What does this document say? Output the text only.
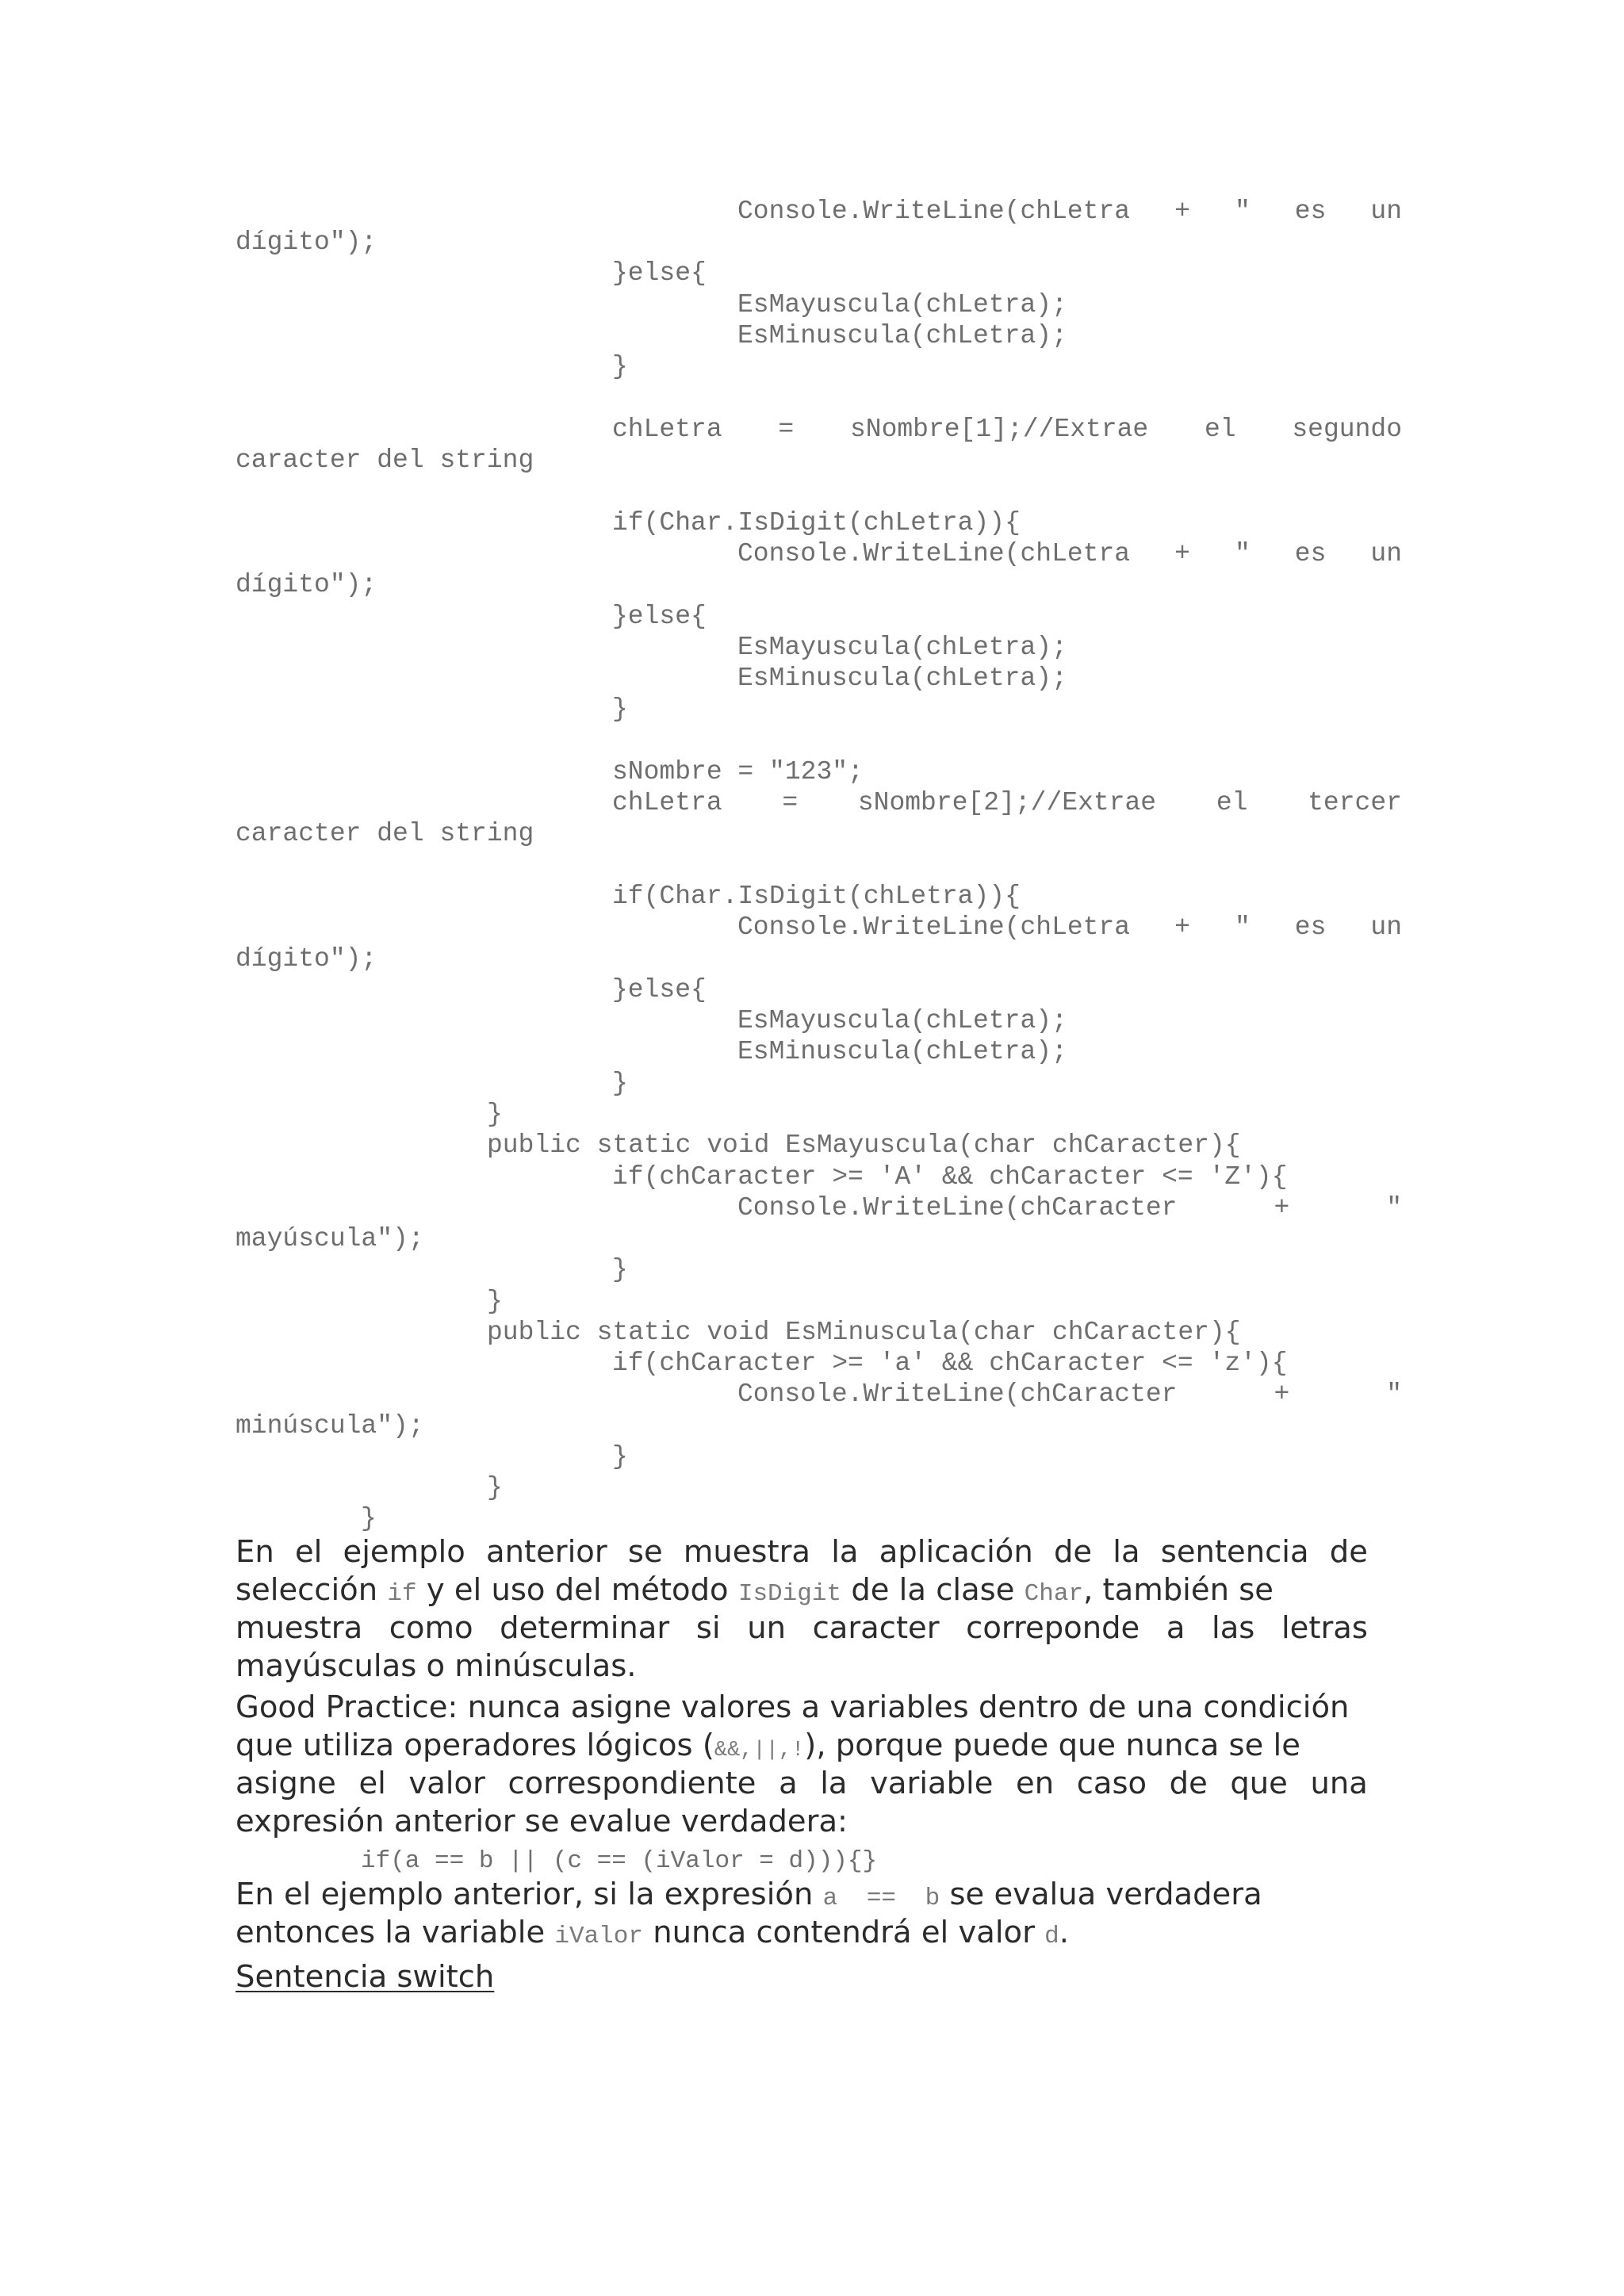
Console.WriteLine(chLetra + " es un
dígito");
}else{
EsMayuscula(chLetra);
EsMinuscula(chLetra);
}
chLetra = sNombre[1];//Extrae el segundo
caracter del string
if(Char.IsDigit(chLetra)){
Console.WriteLine(chLetra + " es un
dígito");
}else{
EsMayuscula(chLetra);
EsMinuscula(chLetra);
}
sNombre = "123";
chLetra = sNombre[2];//Extrae el tercer
caracter del string
if(Char.IsDigit(chLetra)){
Console.WriteLine(chLetra + " es un
dígito");
}else{
EsMayuscula(chLetra);
EsMinuscula(chLetra);
}
}
public static void EsMayuscula(char chCaracter){
if(chCaracter >= 'A' && chCaracter <= 'Z'){
Console.WriteLine(chCaracter	+	"
mayúscula");
}
}
public static void EsMinuscula(char chCaracter){
if(chCaracter >= 'a' && chCaracter <= 'z'){
Console.WriteLine(chCaracter	+	"
minúscula");
}
}
}
En el ejemplo anterior se muestra la aplicación de la sentencia de
selección if y el uso del método IsDigit de la clase Char, también se
muestra como determinar si un caracter correponde a las letras
mayúsculas o minúsculas.
Good Practice: nunca asigne valores a variables dentro de una condición
que utiliza operadores lógicos (&&,||,!), porque puede que nunca se le
asigne el valor correspondiente a la variable en caso de que una
expresión anterior se evalue verdadera:
if(a == b || (c == (iValor = d))){}
En el ejemplo anterior, si la expresión a == b se evalua verdadera
entonces la variable iValor nunca contendrá el valor d.
Sentencia switch
